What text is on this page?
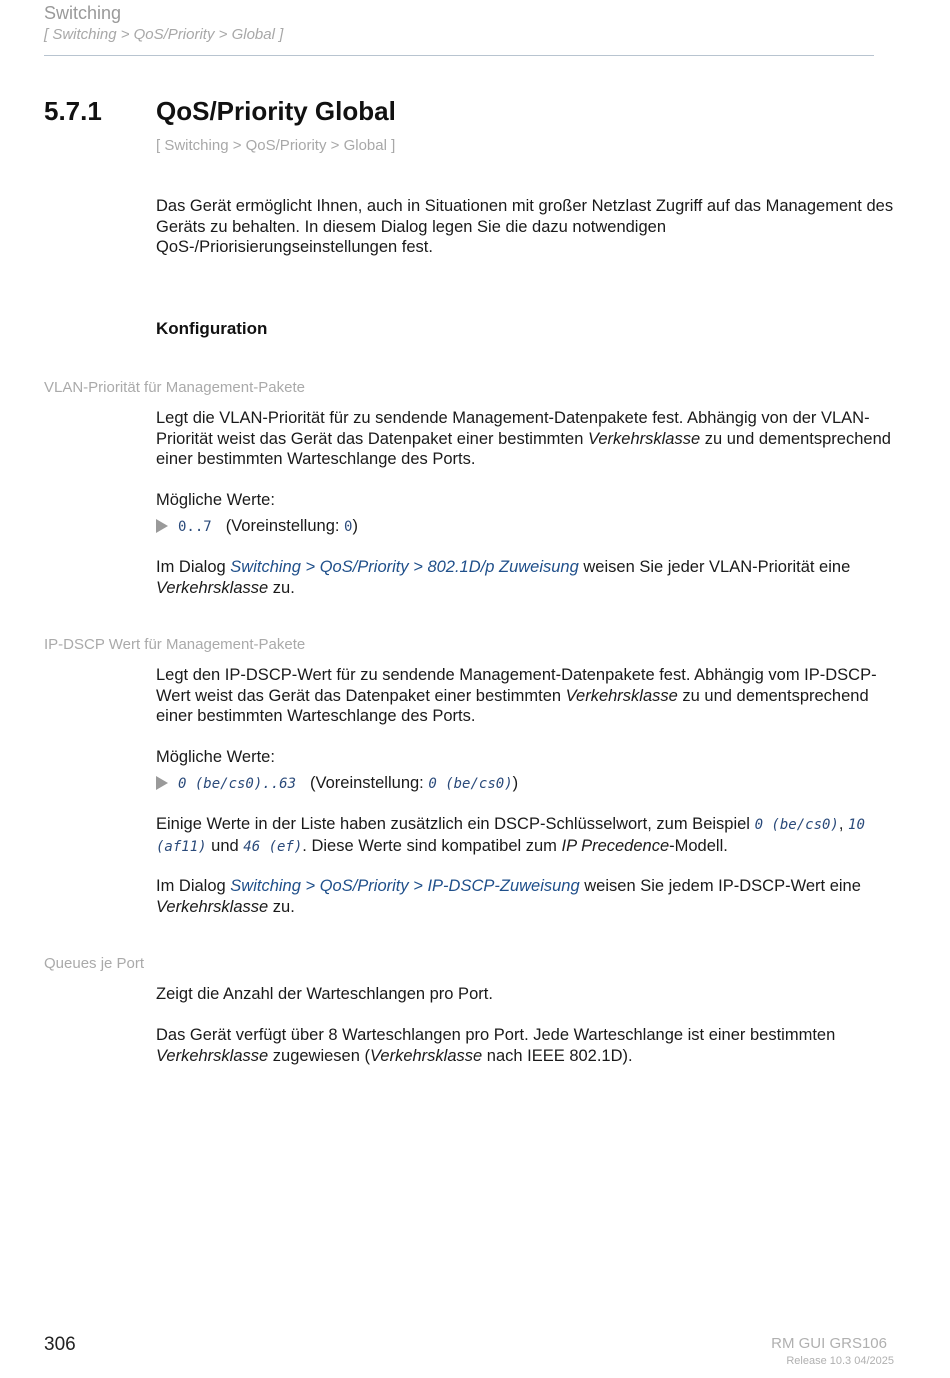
Switching
[ Switching > QoS/Priority > Global ]
5.7.1 QoS/Priority Global
[ Switching > QoS/Priority > Global ]
Das Gerät ermöglicht Ihnen, auch in Situationen mit großer Netzlast Zugriff auf das Management des Geräts zu behalten. In diesem Dialog legen Sie die dazu notwendigen QoS-/Priorisierungseinstellungen fest.
Konfiguration
VLAN-Priorität für Management-Pakete
Legt die VLAN-Priorität für zu sendende Management-Datenpakete fest. Abhängig von der VLAN-Priorität weist das Gerät das Datenpaket einer bestimmten Verkehrsklasse zu und dementsprechend einer bestimmten Warteschlange des Ports.
Mögliche Werte:
0..7 (Voreinstellung: 0)
Im Dialog Switching > QoS/Priority > 802.1D/p Zuweisung weisen Sie jeder VLAN-Priorität eine Verkehrsklasse zu.
IP-DSCP Wert für Management-Pakete
Legt den IP-DSCP-Wert für zu sendende Management-Datenpakete fest. Abhängig vom IP-DSCP-Wert weist das Gerät das Datenpaket einer bestimmten Verkehrsklasse zu und dementsprechend einer bestimmten Warteschlange des Ports.
Mögliche Werte:
0 (be/cs0)..63 (Voreinstellung: 0 (be/cs0))
Einige Werte in der Liste haben zusätzlich ein DSCP-Schlüsselwort, zum Beispiel 0 (be/cs0), 10 (af11) und 46 (ef). Diese Werte sind kompatibel zum IP Precedence-Modell.
Im Dialog Switching > QoS/Priority > IP-DSCP-Zuweisung weisen Sie jedem IP-DSCP-Wert eine Verkehrsklasse zu.
Queues je Port
Zeigt die Anzahl der Warteschlangen pro Port.
Das Gerät verfügt über 8 Warteschlangen pro Port. Jede Warteschlange ist einer bestimmten Verkehrsklasse zugewiesen (Verkehrsklasse nach IEEE 802.1D).
306	RM GUI GRS106
Release 10.3 04/2025
